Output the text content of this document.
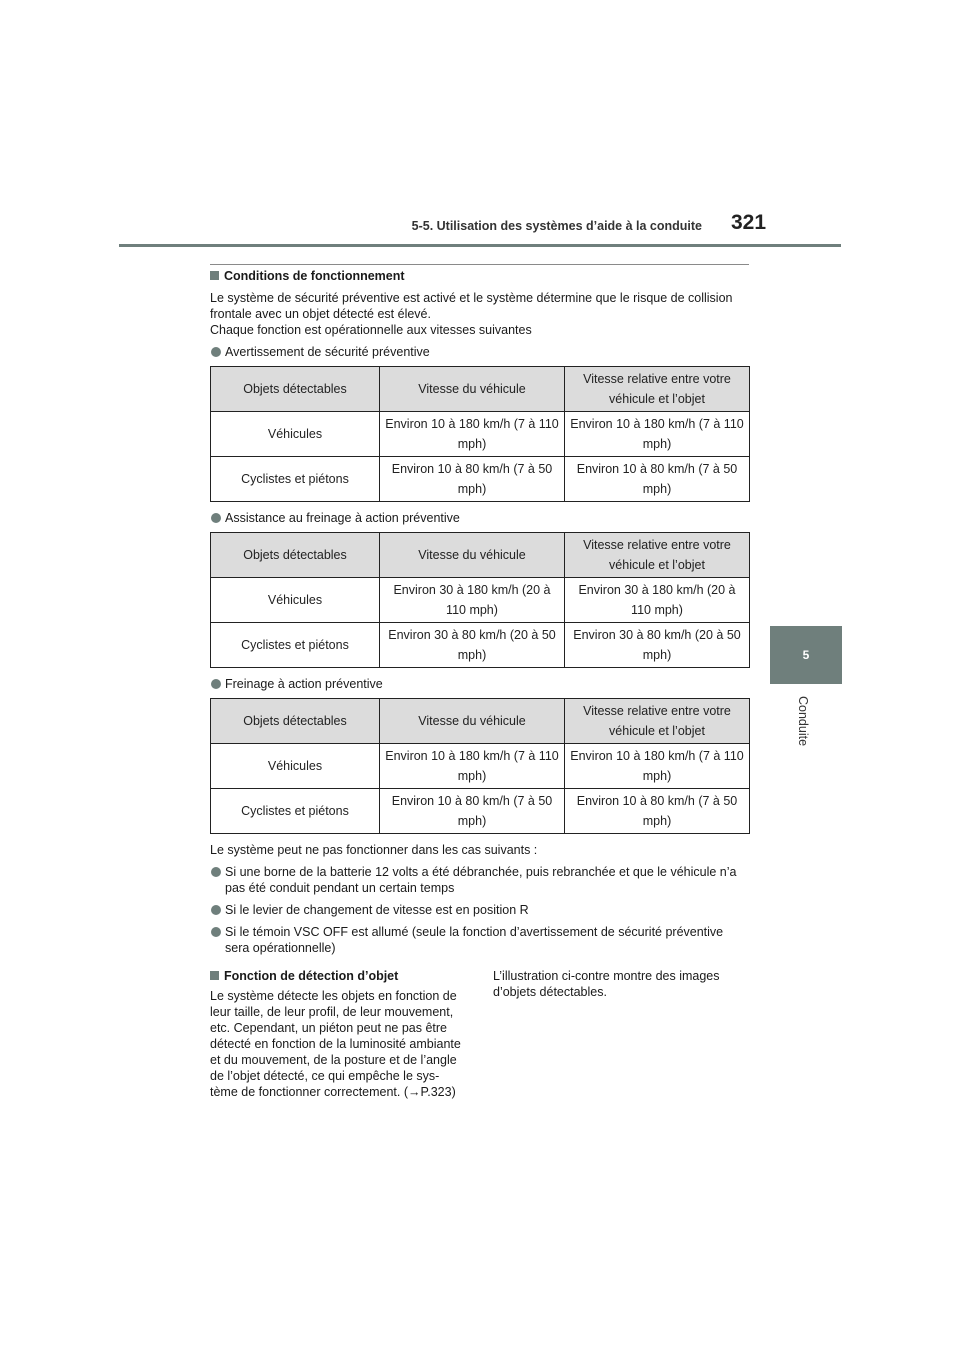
5-5. Utilisation des systèmes d’aide à la conduite 321
5
Conduite
Conditions de fonctionnement
Le système de sécurité préventive est activé et le système détermine que le risque de collision frontale avec un objet détecté est élevé.
Chaque fonction est opérationnelle aux vitesses suivantes
Avertissement de sécurité préventive
Objets détectables	Vitesse du véhicule	Vitesse relative entre votre véhicule et l’objet
Véhicules	Environ 10 à 180 km/h (7 à 110 mph)	Environ 10 à 180 km/h (7 à 110 mph)
Cyclistes et piétons	Environ 10 à 80 km/h (7 à 50 mph)	Environ 10 à 80 km/h (7 à 50 mph)
Assistance au freinage à action préventive
Objets détectables	Vitesse du véhicule	Vitesse relative entre votre véhicule et l’objet
Véhicules	Environ 30 à 180 km/h (20 à 110 mph)	Environ 30 à 180 km/h (20 à 110 mph)
Cyclistes et piétons	Environ 30 à 80 km/h (20 à 50 mph)	Environ 30 à 80 km/h (20 à 50 mph)
Freinage à action préventive
Objets détectables	Vitesse du véhicule	Vitesse relative entre votre véhicule et l’objet
Véhicules	Environ 10 à 180 km/h (7 à 110 mph)	Environ 10 à 180 km/h (7 à 110 mph)
Cyclistes et piétons	Environ 10 à 80 km/h (7 à 50 mph)	Environ 10 à 80 km/h (7 à 50 mph)
Le système peut ne pas fonctionner dans les cas suivants :
Si une borne de la batterie 12 volts a été débranchée, puis rebranchée et que le véhicule n’a pas été conduit pendant un certain temps
Si le levier de changement de vitesse est en position R
Si le témoin VSC OFF est allumé (seule la fonction d’avertissement de sécurité préventive sera opérationnelle)
Fonction de détection d’objet
Le système détecte les objets en fonction de leur taille, de leur profil, de leur mouvement, etc. Cependant, un piéton peut ne pas être détecté en fonction de la luminosité ambiante et du mouvement, de la posture et de l’angle de l’objet détecté, ce qui empêche le sys-tème de fonctionner correctement. (→P.323)
L’illustration ci-contre montre des images d’objets détectables.
